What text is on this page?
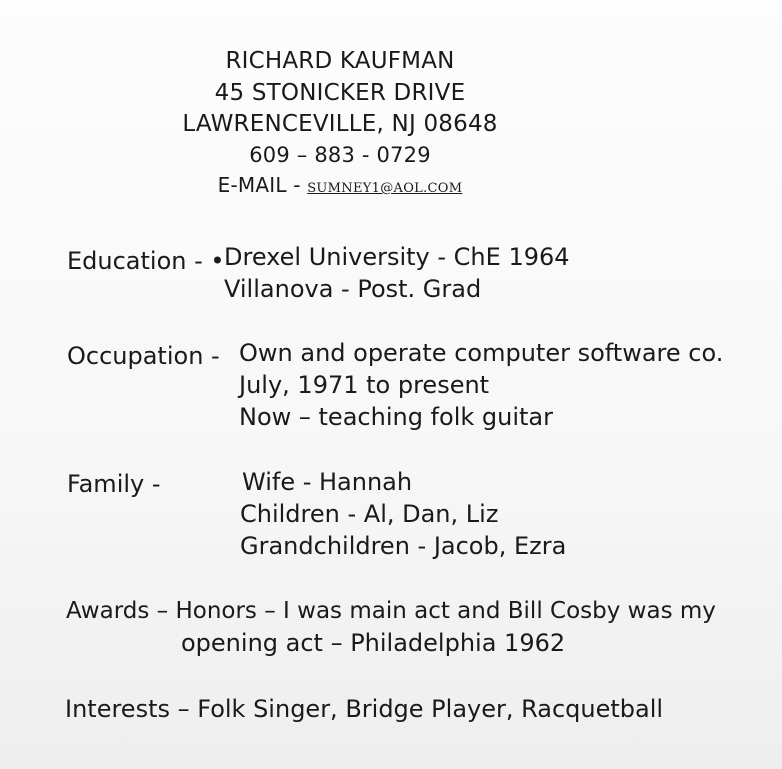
RICHARD KAUFMAN
45 STONICKER DRIVE
LAWRENCEVILLE, NJ 08648
609 – 883 - 0729
E-MAIL - SUMNEY1@AOL.COM
Education - • Drexel University - ChE 1964
Villanova - Post. Grad
Occupation - Own and operate computer software co.
July, 1971 to present
Now – teaching folk guitar
Family -	Wife - Hannah
Children - Al, Dan, Liz
Grandchildren - Jacob, Ezra
Awards – Honors – I was main act and Bill Cosby was my
opening act – Philadelphia 1962
Interests – Folk Singer, Bridge Player, Racquetball
